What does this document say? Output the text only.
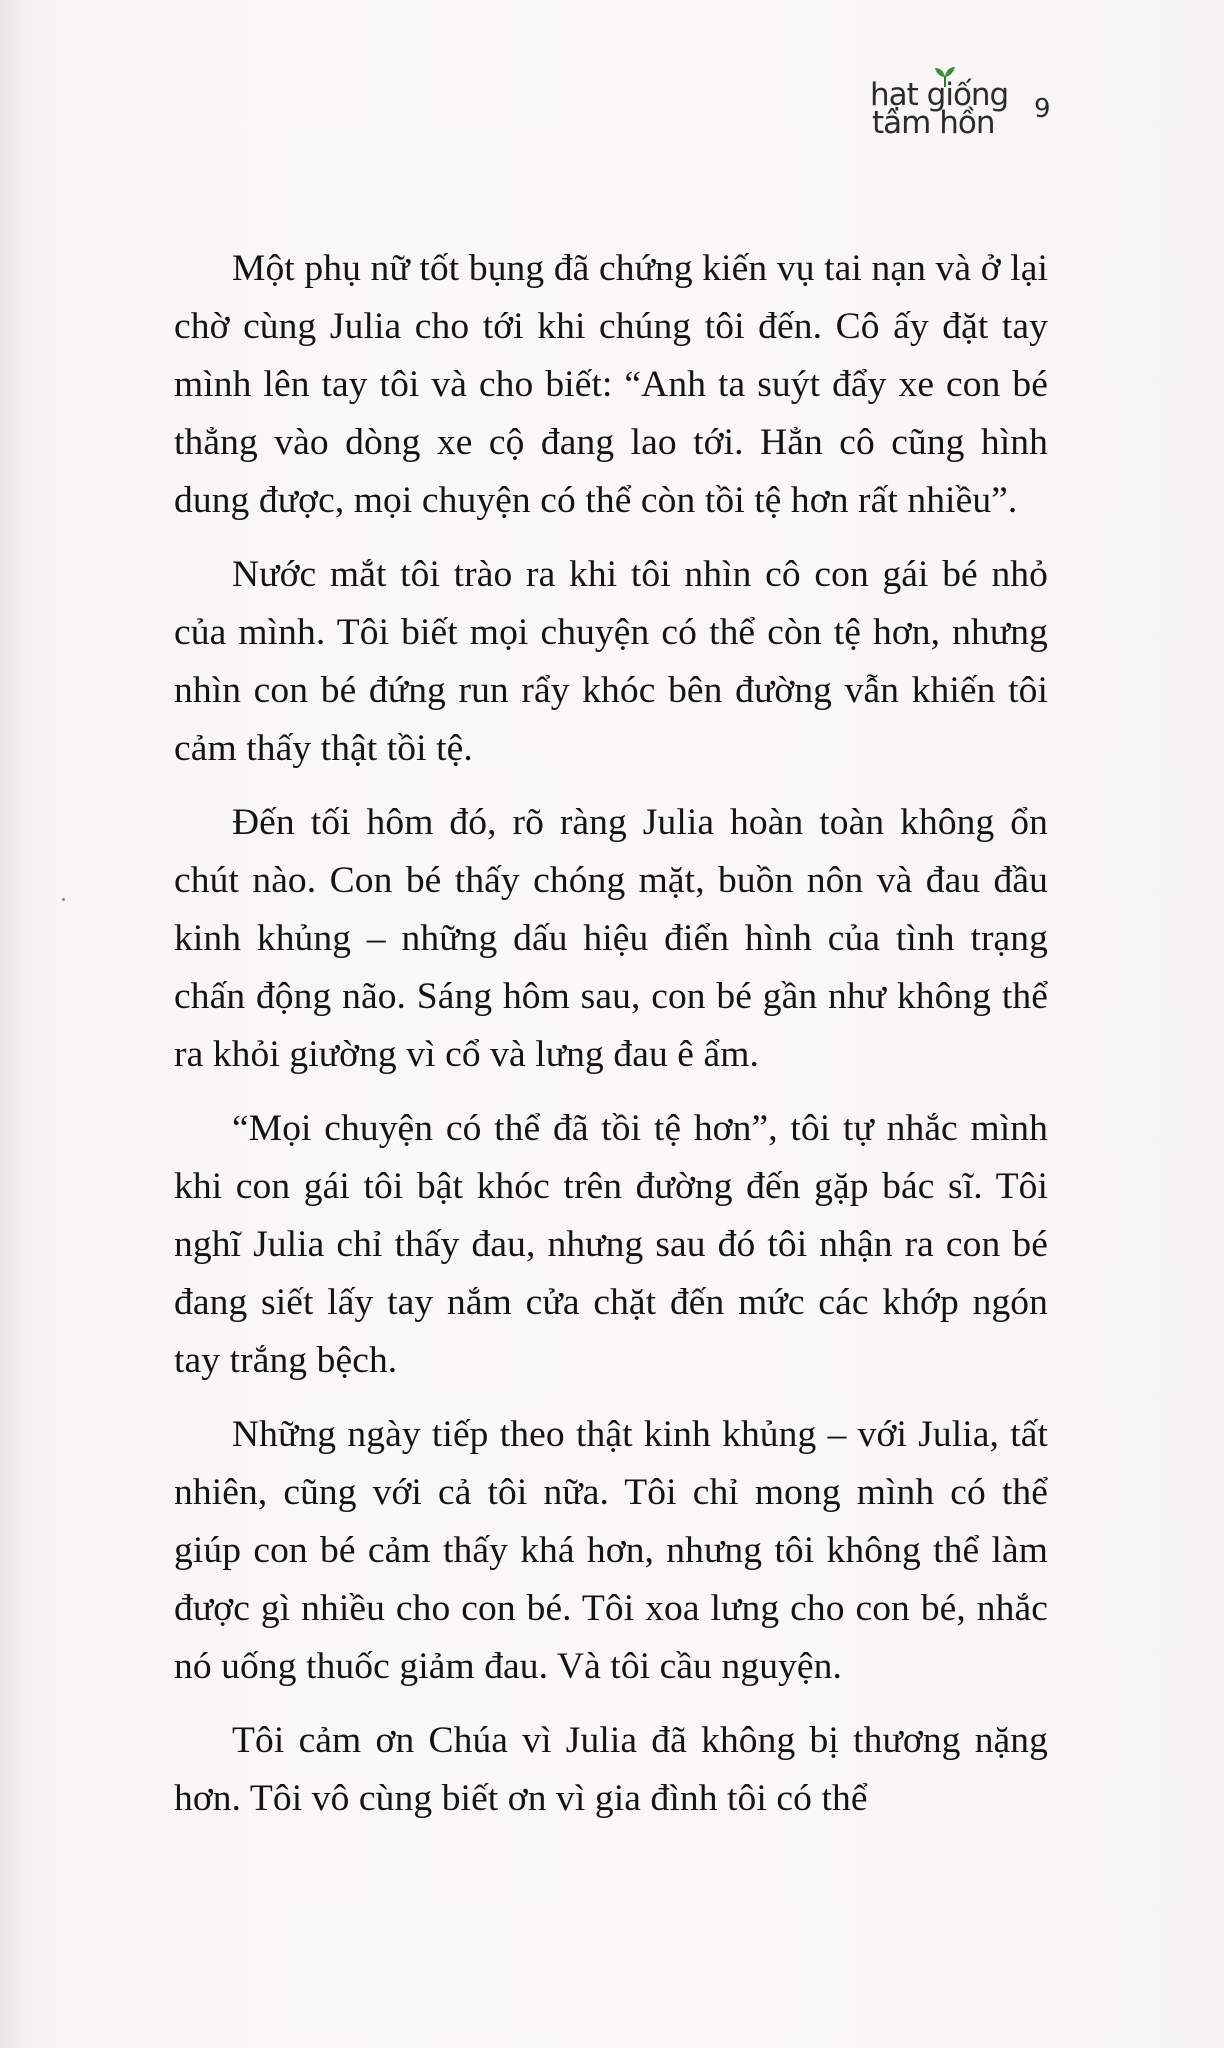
hạt giống
tâm hồn 9

Một phụ nữ tốt bụng đã chứng kiến vụ tai nạn và ở lại chờ cùng Julia cho tới khi chúng tôi đến. Cô ấy đặt tay mình lên tay tôi và cho biết: “Anh ta suýt đẩy xe con bé thẳng vào dòng xe cộ đang lao tới. Hẳn cô cũng hình dung được, mọi chuyện có thể còn tồi tệ hơn rất nhiều”.

Nước mắt tôi trào ra khi tôi nhìn cô con gái bé nhỏ của mình. Tôi biết mọi chuyện có thể còn tệ hơn, nhưng nhìn con bé đứng run rẩy khóc bên đường vẫn khiến tôi cảm thấy thật tồi tệ.

Đến tối hôm đó, rõ ràng Julia hoàn toàn không ổn chút nào. Con bé thấy chóng mặt, buồn nôn và đau đầu kinh khủng – những dấu hiệu điển hình của tình trạng chấn động não. Sáng hôm sau, con bé gần như không thể ra khỏi giường vì cổ và lưng đau ê ẩm.

“Mọi chuyện có thể đã tồi tệ hơn”, tôi tự nhắc mình khi con gái tôi bật khóc trên đường đến gặp bác sĩ. Tôi nghĩ Julia chỉ thấy đau, nhưng sau đó tôi nhận ra con bé đang siết lấy tay nắm cửa chặt đến mức các khớp ngón tay trắng bệch.

Những ngày tiếp theo thật kinh khủng – với Julia, tất nhiên, cũng với cả tôi nữa. Tôi chỉ mong mình có thể giúp con bé cảm thấy khá hơn, nhưng tôi không thể làm được gì nhiều cho con bé. Tôi xoa lưng cho con bé, nhắc nó uống thuốc giảm đau. Và tôi cầu nguyện.

Tôi cảm ơn Chúa vì Julia đã không bị thương nặng hơn. Tôi vô cùng biết ơn vì gia đình tôi có thể
